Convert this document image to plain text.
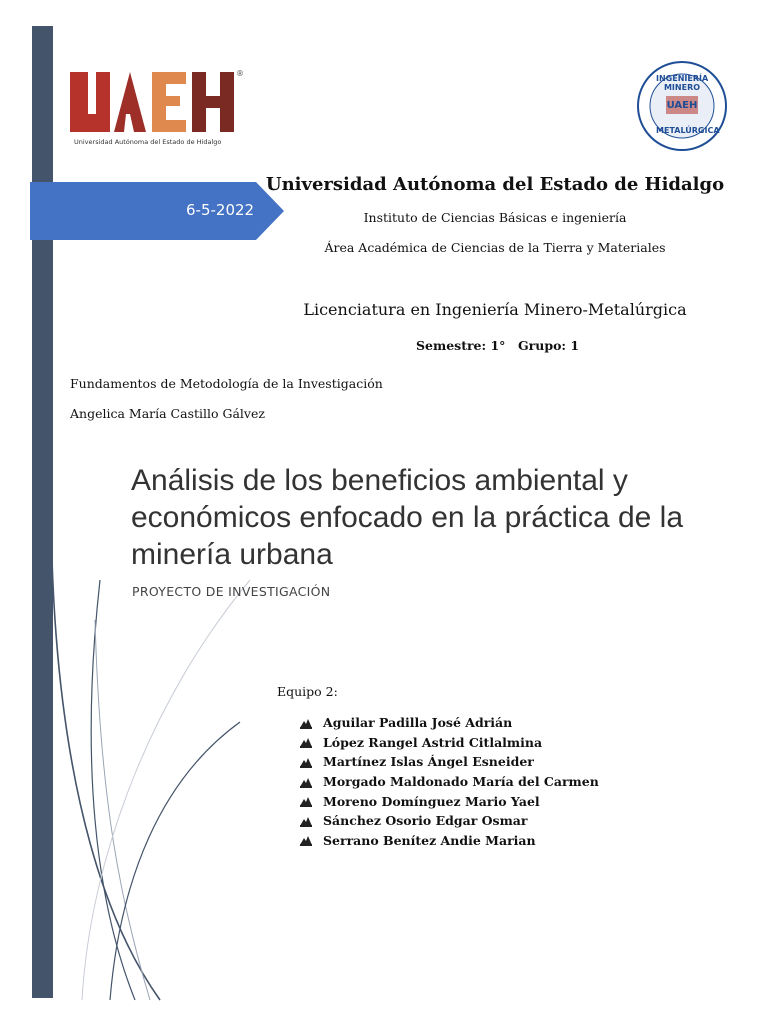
6-5-2022
®
Universidad Autónoma del Estado de Hidalgo
INGENIERÍA MINERO
UAEH
METALÚRGICA
Universidad Autónoma del Estado de Hidalgo
Instituto de Ciencias Básicas e ingeniería
Área Académica de Ciencias de la Tierra y Materiales
Licenciatura en Ingeniería Minero-Metalúrgica
Semestre: 1° Grupo: 1
Fundamentos de Metodología de la Investigación
Angelica María Castillo Gálvez
Análisis de los beneficios ambiental y económicos enfocado en la práctica de la minería urbana
PROYECTO DE INVESTIGACIÓN
Equipo 2:
Aguilar Padilla José Adrián
López Rangel Astrid Citlalmina
Martínez Islas Ángel Esneider
Morgado Maldonado María del Carmen
Moreno Domínguez Mario Yael
Sánchez Osorio Edgar Osmar
Serrano Benítez Andie Marian
